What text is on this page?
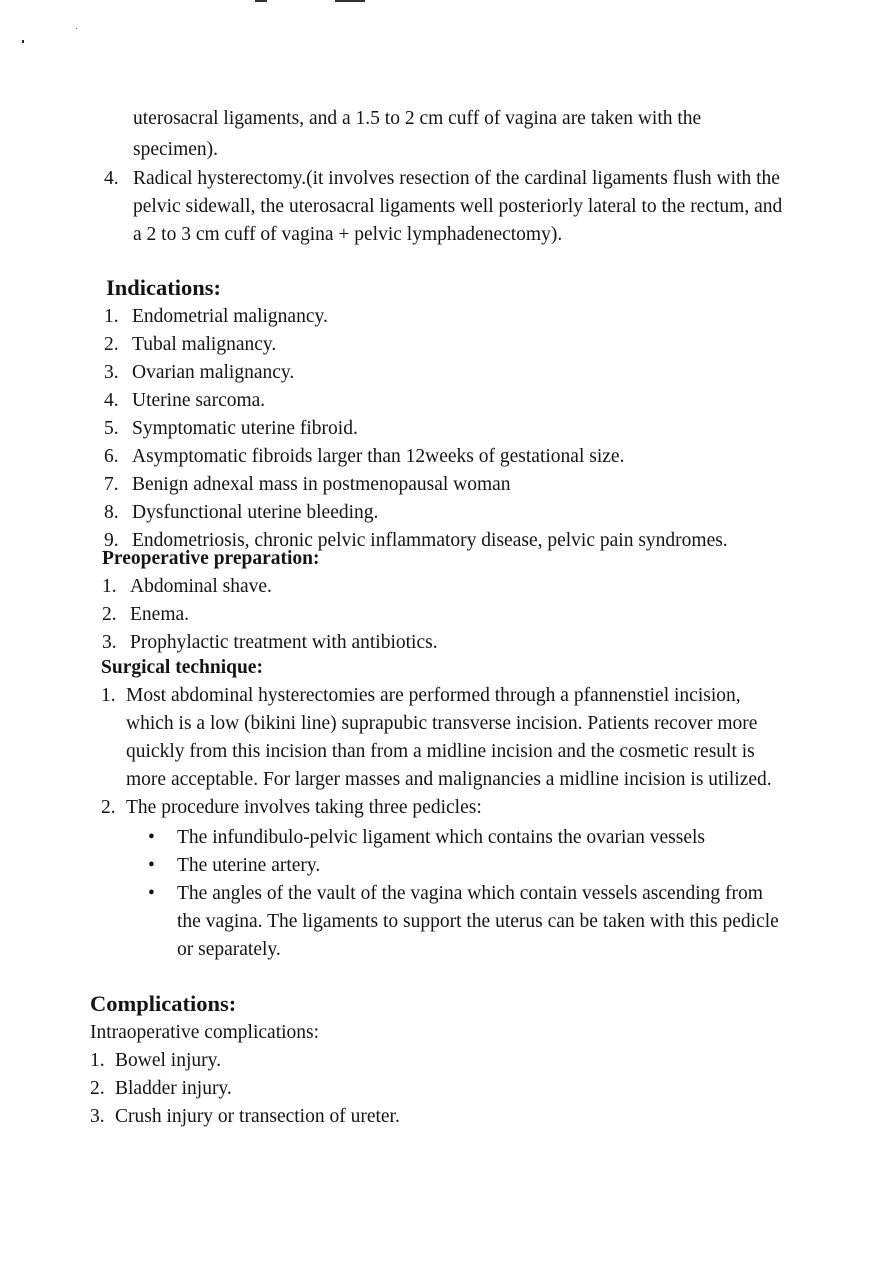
uterosacral ligaments, and a 1.5 to 2 cm cuff of vagina are taken with the specimen).

4. Radical hysterectomy.(it involves resection of the cardinal ligaments flush with the pelvic sidewall, the uterosacral ligaments well posteriorly lateral to the rectum, and a 2 to 3 cm cuff of vagina + pelvic lymphadenectomy).
Indications:
1. Endometrial malignancy.
2. Tubal malignancy.
3. Ovarian malignancy.
4. Uterine sarcoma.
5. Symptomatic uterine fibroid.
6. Asymptomatic fibroids larger than 12weeks of gestational size.
7. Benign adnexal mass in postmenopausal woman
8. Dysfunctional uterine bleeding.
9. Endometriosis, chronic pelvic inflammatory disease, pelvic pain syndromes.
Preoperative preparation:
1. Abdominal shave.
2. Enema.
3. Prophylactic treatment with antibiotics.
Surgical technique:
1. Most abdominal hysterectomies are performed through a pfannenstiel incision, which is a low (bikini line) suprapubic transverse incision. Patients recover more quickly from this incision than from a midline incision and the cosmetic result is more acceptable. For larger masses and malignancies a midline incision is utilized.
2. The procedure involves taking three pedicles:
• The infundibulo-pelvic ligament which contains the ovarian vessels
• The uterine artery.
• The angles of the vault of the vagina which contain vessels ascending from the vagina. The ligaments to support the uterus can be taken with this pedicle or separately.
Complications:

Intraoperative complications:

1. Bowel injury.
2. Bladder injury.
3. Crush injury or transection of ureter.
